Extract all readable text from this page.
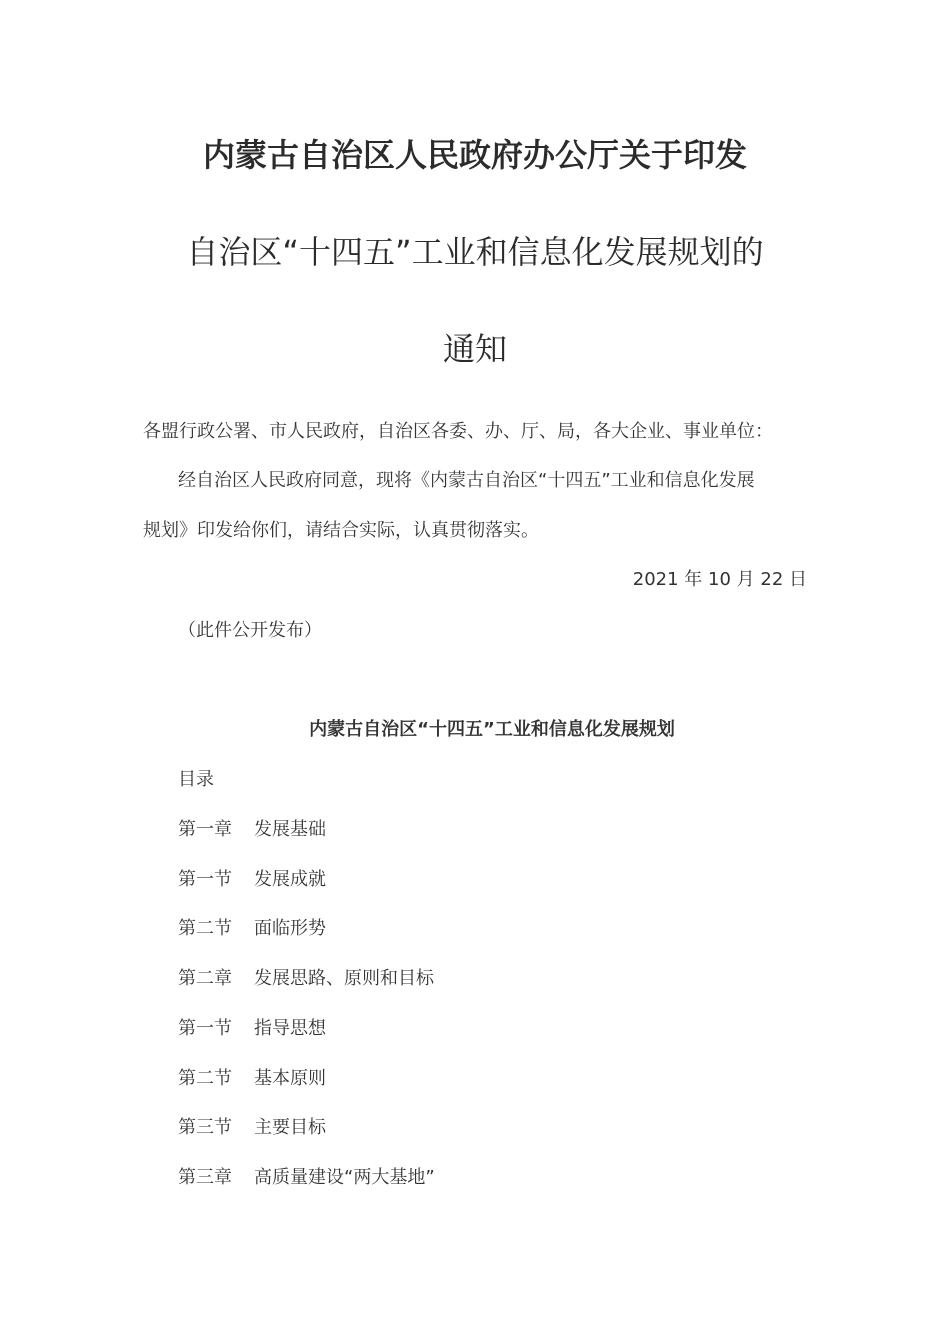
内蒙古自治区人民政府办公厅关于印发
自治区“十四五”工业和信息化发展规划的
通知
各盟行政公署、市人民政府，自治区各委、办、厅、局，各大企业、事业单位：
经自治区人民政府同意，现将《内蒙古自治区“十四五”工业和信息化发展
规划》印发给你们，请结合实际，认真贯彻落实。
2021 年 10 月 22 日
（此件公开发布）
内蒙古自治区“十四五”工业和信息化发展规划
目录
第一章 发展基础
第一节 发展成就
第二节 面临形势
第二章 发展思路、原则和目标
第一节 指导思想
第二节 基本原则
第三节 主要目标
第三章 高质量建设“两大基地”
